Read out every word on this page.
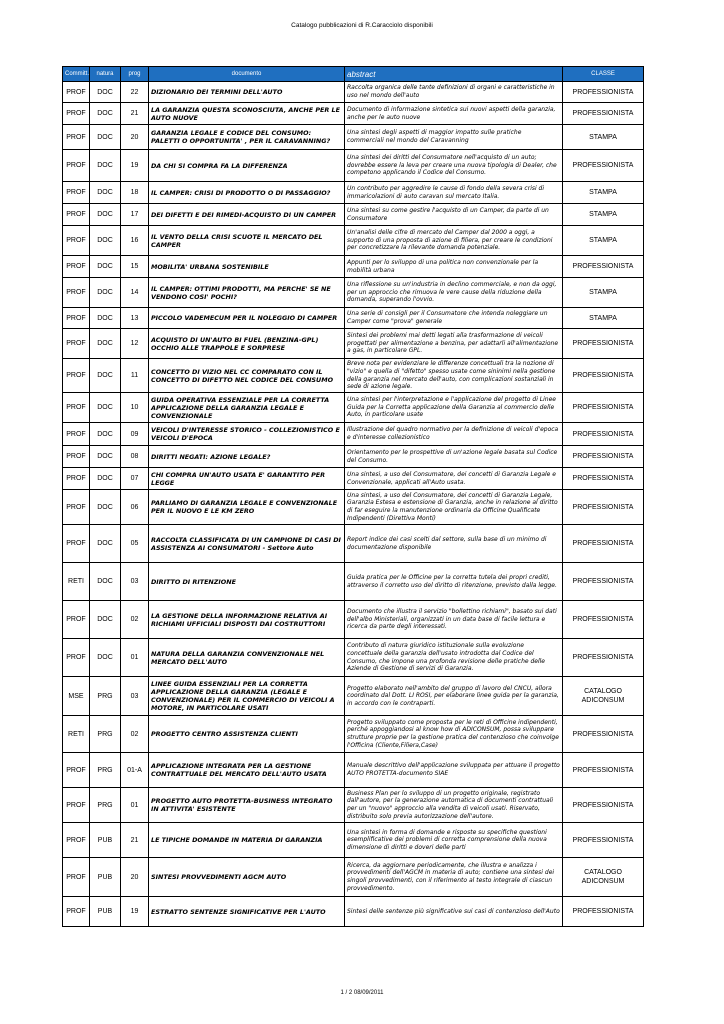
Catalogo pubblicazioni di R.Caracciolo disponibili
Committ.	natura	prog	documento	abstract	CLASSE
PROF	DOC	22	DIZIONARIO DEI TERMINI DELL'AUTO	Raccolta organica delle tante definizioni di organi e caratteristiche in uso nel mondo dell'auto	PROFESSIONISTA
PROF	DOC	21	LA GARANZIA QUESTA SCONOSCIUTA, ANCHE PER LE AUTO NUOVE	Documento di informazione sintetica sui nuovi aspetti della garanzia, anche per le auto nuove	PROFESSIONISTA
PROF	DOC	20	GARANZIA LEGALE E CODICE DEL CONSUMO: PALETTI O OPPORTUNITA' , PER IL CARAVANNING?	Una sintesi degli aspetti di maggior impatto sulle pratiche commerciali nel mondo del Caravanning	STAMPA
PROF	DOC	19	DA CHI SI COMPRA FA LA DIFFERENZA	Una sintesi dei diritti del Consumatore nell'acquisto di un auto; dovrebbe essere la leva per creare una nuova tipologia di Dealer, che competono applicando il Codice del Consumo.	PROFESSIONISTA
PROF	DOC	18	IL CAMPER: CRISI DI PRODOTTO O DI PASSAGGIO?	Un contributo per aggredire le cause di fondo della severa crisi di immaricolazioni di auto caravan sul mercato Italia.	STAMPA
PROF	DOC	17	DEI DIFETTI E DEI RIMEDI-ACQUISTO DI UN CAMPER	Una sintesi su come gestire l'acquisto di un Camper, da parte di un Consumatore	STAMPA
PROF	DOC	16	IL VENTO DELLA CRISI SCUOTE IL MERCATO DEL CAMPER	Un'analisi delle cifre di mercato del Camper dal 2000 a oggi, a supporto di una proposta di azione di filiera, per creare le condizioni per concretizzare la rilevante domanda potenziale.	STAMPA
PROF	DOC	15	MOBILITA' URBANA SOSTENIBILE	Appunti per lo sviluppo di una politica non convenzionale per la mobilità urbana	PROFESSIONISTA
PROF	DOC	14	IL CAMPER: OTTIMI PRODOTTI, MA PERCHE' SE NE VENDONO COSI' POCHI?	Una riflessione su un'industria in declino commerciale, e non da oggi, per un approccio che rimuova le vere cause della riduzione della domanda, superando l'ovvio.	STAMPA
PROF	DOC	13	PICCOLO VADEMECUM PER IL NOLEGGIO DI CAMPER	Una serie di consigli per il Consumatore che intenda noleggiare un Camper come "prova" generale	STAMPA
PROF	DOC	12	ACQUISTO DI UN'AUTO BI FUEL (BENZINA-GPL) OCCHIO ALLE TRAPPOLE E SORPRESE	Sintesi dei problemi mai detti legati alla trasformazione di veicoli progettati per alimentazione a benzina, per adattarli all'alimentazione a gas, in particolare GPL.	PROFESSIONISTA
PROF	DOC	11	CONCETTO DI VIZIO NEL CC COMPARATO CON IL CONCETTO DI DIFETTO NEL CODICE DEL CONSUMO	Breve nota per evidenziare le differenze concettuali tra la nozione di "vizio" e quella di "difetto" spesso usate come sininimi nella gestione della garanzia nel mercato dell'auto, con complicazioni sostanziali in sede di azione legale.	PROFESSIONISTA
PROF	DOC	10	GUIDA OPERATIVA ESSENZIALE PER LA CORRETTA APPLICAZIONE DELLA GARANZIA LEGALE E CONVENZIONALE	Una sintesi per l'interpretazione e l'applicazione del progetto di Linee Guida per la Corretta applicazione della Garanzia al commercio delle Auto, in particolare usate	PROFESSIONISTA
PROF	DOC	09	VEICOLI D'INTERESSE STORICO - COLLEZIONISTICO E VEICOLI D'EPOCA	Illustrazione del quadro normativo per la definizione di veicoli d'epoca e d'interesse collezionistico	PROFESSIONISTA
PROF	DOC	08	DIRITTI NEGATI: AZIONE LEGALE?	Orientamento per le prospettive di un'azione legale basata sul Codice del Consumo.	PROFESSIONISTA
PROF	DOC	07	CHI COMPRA UN'AUTO USATA E' GARANTITO PER LEGGE	Una sintesi, a uso del Consumatore, dei concetti di Garanzia Legale e Convenzionale, applicati all'Auto usata.	PROFESSIONISTA
PROF	DOC	06	PARLIAMO DI GARANZIA LEGALE E CONVENZIONALE PER IL NUOVO E LE KM ZERO	Una sintesi, a uso del Consumatore, dei concetti di Garanzia Legale, Garanzia Estesa e estensione di Garanzia, anche in relazione al diritto di far eseguire la manutenzione ordinaria da Officine Qualificate Indipendenti (Direttiva Monti)	PROFESSIONISTA
PROF	DOC	05	RACCOLTA CLASSIFICATA DI UN CAMPIONE DI CASI DI ASSISTENZA AI CONSUMATORI - Settore Auto	Report indice dei casi scelti dal settore, sulla base di un minimo di documentazione disponibile	PROFESSIONISTA
RETI	DOC	03	DIRITTO DI RITENZIONE	Guida pratica per le Officine per la corretta tutela dei propri crediti, attraverso il corretto uso del diritto di ritenzione, previsto dalla legge.	PROFESSIONISTA
PROF	DOC	02	LA GESTIONE DELLA INFORMAZIONE RELATIVA AI RICHIAMI UFFICIALI DISPOSTI DAI COSTRUTTORI	Documento che illustra il servizio "bollettino richiami", basato sui dati dell'albo Ministeriali, organizzati in un data base di facile lettura e ricerca da parte degli interessati.	PROFESSIONISTA
PROF	DOC	01	NATURA DELLA GARANZIA CONVENZIONALE NEL MERCATO DELL'AUTO	Contributo di natura giuridico istituzionale sulla evoluzione concettuale della garanzia dell'usato introdotta dal Codice del Consumo, che impone una profonda revisione delle pratiche delle Aziende di Gestione di servizi di Garanzia.	PROFESSIONISTA
MSE	PRG	03	LINEE GUIDA ESSENZIALI PER LA CORRETTA APPLICAZIONE DELLA GARANZIA (LEGALE E CONVENZIONALE) PER IL COMMERCIO DI VEICOLI A MOTORE, IN PARTICOLARE USATI	Progetto elaborato nell'ambito del gruppo di lavoro del CNCU, allora coordinato dal Dott. LI ROSI, per elaborare linee guida per la garanzia, in accordo con le contraparti.	CATALOGO ADICONSUM
RETI	PRG	02	PROGETTO CENTRO ASSISTENZA CLIENTI	Progetto sviluppato come proposta per le reti di Officine indipendenti, perché appoggiandosi al know how di ADICONSUM, possa sviluppare strutture proprie per la gestione pratica del contenzioso che coinvolge l'Officina (Cliente,Filiera,Case)	PROFESSIONISTA
PROF	PRG	01-A	APPLICAZIONE INTEGRATA PER LA GESTIONE CONTRATTUALE DEL MERCATO DELL'AUTO USATA	Manuale descrittivo dell'applicazione sviluppata per attuare il progetto AUTO PROTETTA-documento SIAE	PROFESSIONISTA
PROF	PRG	01	PROGETTO AUTO PROTETTA-BUSINESS INTEGRATO IN ATTIVITA' ESISTENTE	Business Plan per lo sviluppo di un progetto originale, registrato dall'autore, per la generazione automatica di documenti contrattuali per un "nuovo" approccio alla vendita di veicoli usati. Riservato, distribuito solo previa autorizzazione dell'autore.	PROFESSIONISTA
PROF	PUB	21	LE TIPICHE DOMANDE IN MATERIA DI GARANZIA	Una sintesi in forma di domande e risposte su specifiche questioni esemplificative dei problemi di corretta comprensione della nuova dimensione di diritti e doveri delle parti	PROFESSIONISTA
PROF	PUB	20	SINTESI PROVVEDIMENTI AGCM AUTO	Ricerca, da aggiornare periodicamente, che illustra e analizza i provvedimenti dell'AGCM in materia di auto; contiene una sintesi dei singoli provvedimenti, con il riferimento al testo integrale di ciascun provvedimento.	CATALOGO ADICONSUM
PROF	PUB	19	ESTRATTO SENTENZE SIGNIFICATIVE PER L'AUTO	Sintesi delle sentenze più significative sui casi di contenzioso dell'Auto	PROFESSIONISTA
1 / 2 08/09/2011
